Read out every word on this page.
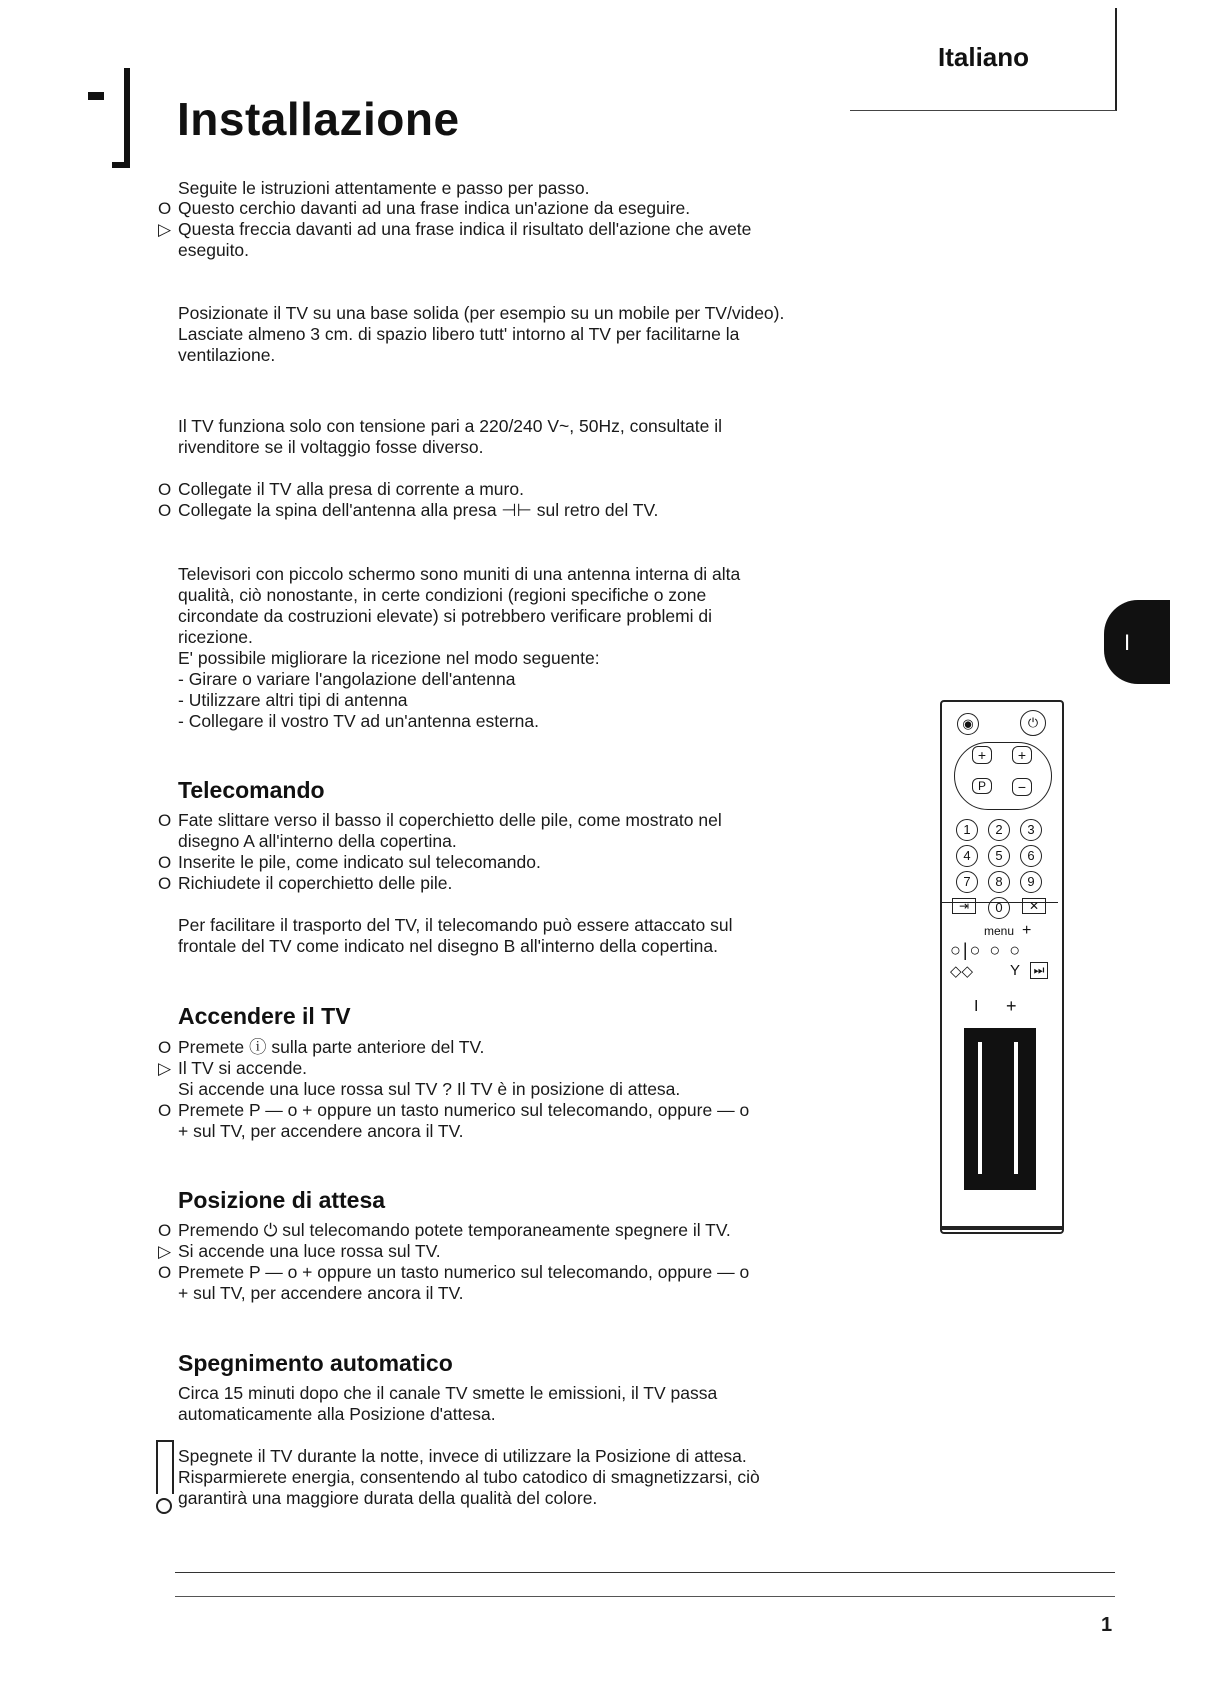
Italiano
Installazione
I
Seguite le istruzioni attentamente e passo per passo.
O Questo cerchio davanti ad una frase indica un'azione da eseguire.
▷ Questa freccia davanti ad una frase indica il risultato dell'azione che avete
eseguito.
Posizionate il TV su una base solida (per esempio su un mobile per TV/video).
Lasciate almeno 3 cm. di spazio libero tutt' intorno al TV per facilitarne la
ventilazione.
Il TV funziona solo con tensione pari a 220/240 V~, 50Hz, consultate il
rivenditore se il voltaggio fosse diverso.
O Collegate il TV alla presa di corrente a muro.
O Collegate la spina dell'antenna alla presa ⊣⊢ sul retro del TV.
Televisori con piccolo schermo sono muniti di una antenna interna di alta
qualità, ciò nonostante, in certe condizioni (regioni specifiche o zone
circondate da costruzioni elevate) si potrebbero verificare problemi di
ricezione.
E' possibile migliorare la ricezione nel modo seguente:
- Girare o variare l'angolazione dell'antenna
- Utilizzare altri tipi di antenna
- Collegare il vostro TV ad un'antenna esterna.
Telecomando
O Fate slittare verso il basso il coperchietto delle pile, come mostrato nel
disegno A all'interno della copertina.
O Inserite le pile, come indicato sul telecomando.
O Richiudete il coperchietto delle pile.
Per facilitare il trasporto del TV, il telecomando può essere attaccato sul
frontale del TV come indicato nel disegno B all'interno della copertina.
Accendere il TV
O Premete ⓘ sulla parte anteriore del TV.
▷ Il TV si accende.
Si accende una luce rossa sul TV ? Il TV è in posizione di attesa.
O Premete P — o + oppure un tasto numerico sul telecomando, oppure — o
+ sul TV, per accendere ancora il TV.
Posizione di attesa
O Premendo ⏻ sul telecomando potete temporaneamente spegnere il TV.
▷ Si accende una luce rossa sul TV.
O Premete P — o + oppure un tasto numerico sul telecomando, oppure — o
+ sul TV, per accendere ancora il TV.
Spegnimento automatico
Circa 15 minuti dopo che il canale TV smette le emissioni, il TV passa
automaticamente alla Posizione d'attesa.
Spegnete il TV durante la notte, invece di utilizzare la Posizione di attesa.
Risparmierete energia, consentendo al tubo catodico di smagnetizzarsi, ciò
garantirà una maggiore durata della qualità del colore.
◉	⏻
+
P
+
−
1	2	3
4	5	6
7	8	9
0
⇥	✕
menu +
○|○ ○ ○
◇◇ Y ⏭
I +
1
